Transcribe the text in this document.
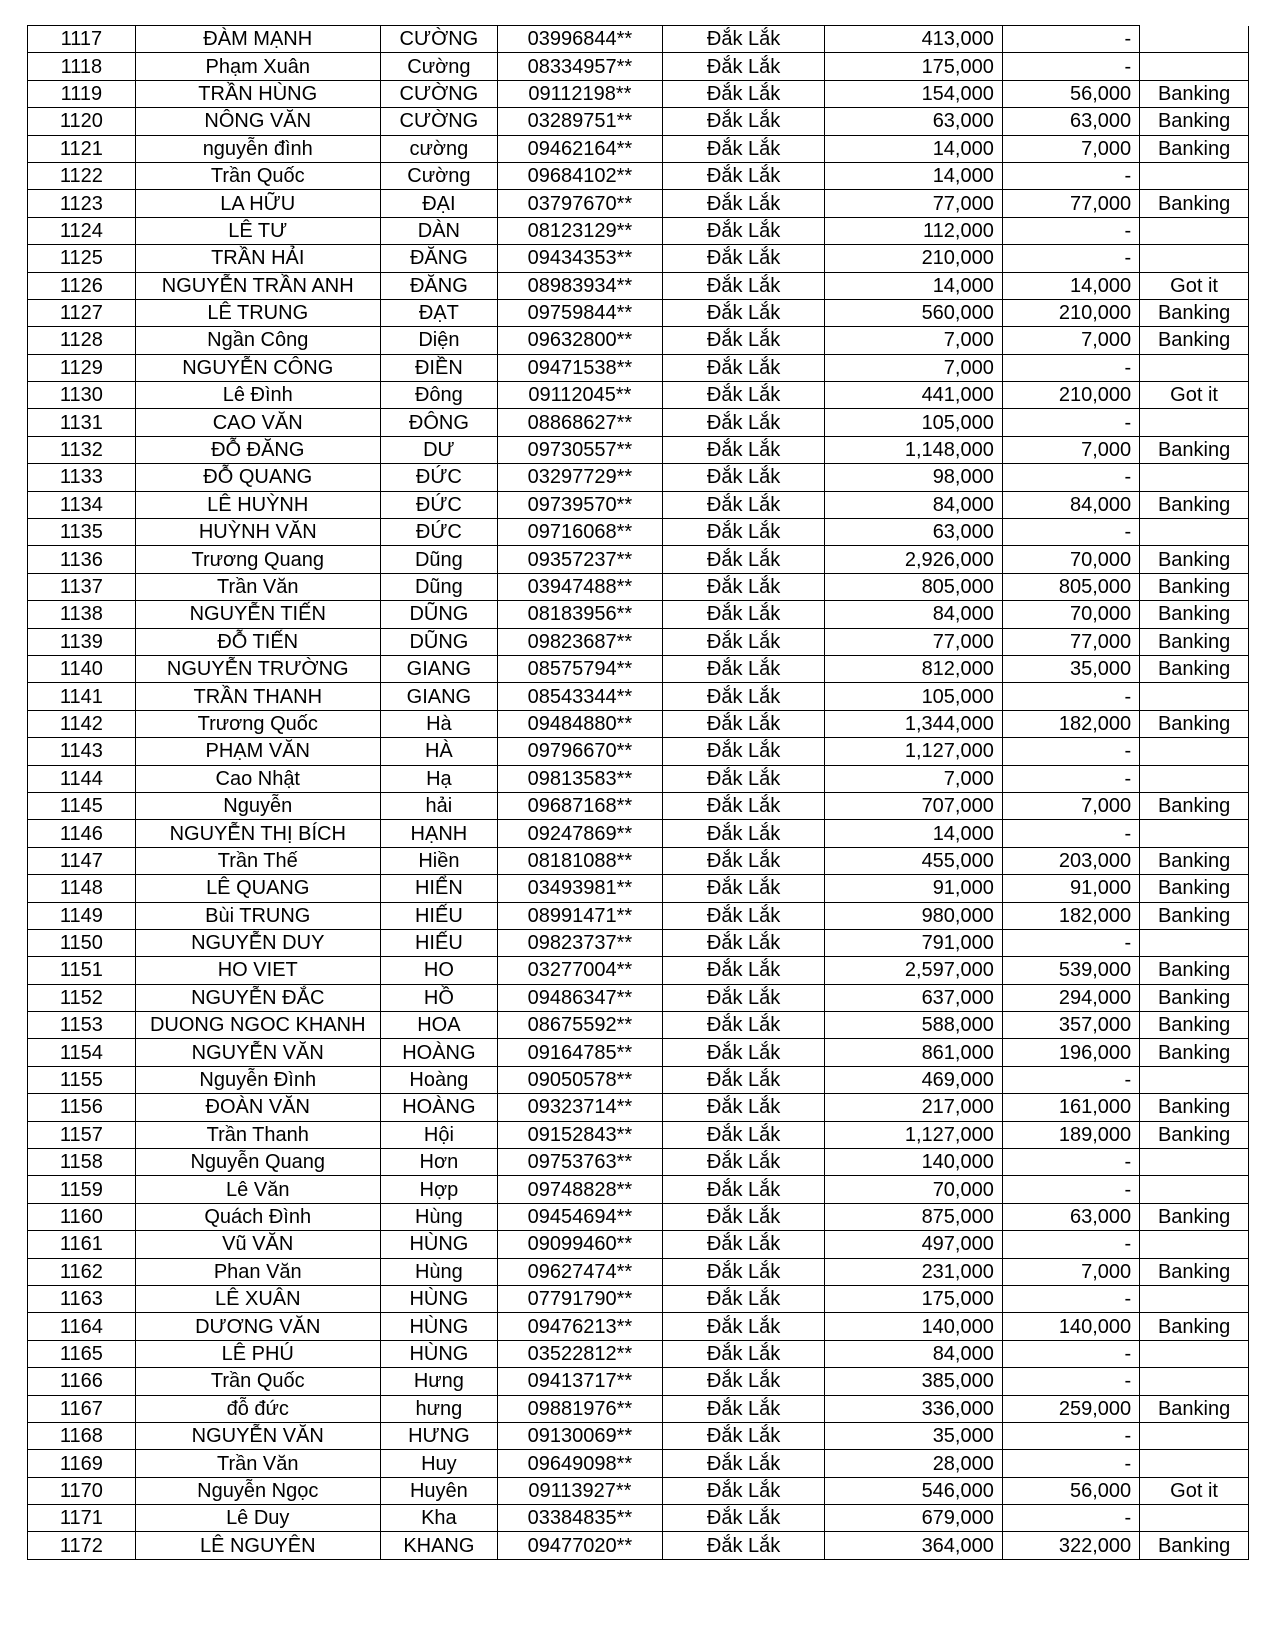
1117	ĐÀM MẠNH	CƯỜNG	03996844**	Đắk Lắk	413,000	-	
1118	Phạm Xuân	Cường	08334957**	Đắk Lắk	175,000	-	
1119	TRẦN HÙNG	CƯỜNG	09112198**	Đắk Lắk	154,000	56,000	Banking
1120	NÔNG VĂN	CƯỜNG	03289751**	Đắk Lắk	63,000	63,000	Banking
1121	nguyễn đình	cường	09462164**	Đắk Lắk	14,000	7,000	Banking
1122	Trần Quốc	Cường	09684102**	Đắk Lắk	14,000	-	
1123	LA HỮU	ĐẠI	03797670**	Đắk Lắk	77,000	77,000	Banking
1124	LÊ TƯ	DÀN	08123129**	Đắk Lắk	112,000	-	
1125	TRẦN HẢI	ĐĂNG	09434353**	Đắk Lắk	210,000	-	
1126	NGUYỄN TRẦN ANH	ĐĂNG	08983934**	Đắk Lắk	14,000	14,000	Got it
1127	LÊ TRUNG	ĐẠT	09759844**	Đắk Lắk	560,000	210,000	Banking
1128	Ngần Công	Diện	09632800**	Đắk Lắk	7,000	7,000	Banking
1129	NGUYỄN CÔNG	ĐIỀN	09471538**	Đắk Lắk	7,000	-	
1130	Lê Đình	Đông	09112045**	Đắk Lắk	441,000	210,000	Got it
1131	CAO VĂN	ĐÔNG	08868627**	Đắk Lắk	105,000	-	
1132	ĐỖ ĐĂNG	DƯ	09730557**	Đắk Lắk	1,148,000	7,000	Banking
1133	ĐỖ QUANG	ĐỨC	03297729**	Đắk Lắk	98,000	-	
1134	LÊ HUỲNH	ĐỨC	09739570**	Đắk Lắk	84,000	84,000	Banking
1135	HUỲNH VĂN	ĐỨC	09716068**	Đắk Lắk	63,000	-	
1136	Trương Quang	Dũng	09357237**	Đắk Lắk	2,926,000	70,000	Banking
1137	Trần Văn	Dũng	03947488**	Đắk Lắk	805,000	805,000	Banking
1138	NGUYỄN TIẾN	DŨNG	08183956**	Đắk Lắk	84,000	70,000	Banking
1139	ĐỖ TIẾN	DŨNG	09823687**	Đắk Lắk	77,000	77,000	Banking
1140	NGUYỄN TRƯỜNG	GIANG	08575794**	Đắk Lắk	812,000	35,000	Banking
1141	TRẦN THANH	GIANG	08543344**	Đắk Lắk	105,000	-	
1142	Trương Quốc	Hà	09484880**	Đắk Lắk	1,344,000	182,000	Banking
1143	PHẠM VĂN	HÀ	09796670**	Đắk Lắk	1,127,000	-	
1144	Cao Nhật	Hạ	09813583**	Đắk Lắk	7,000	-	
1145	Nguyễn	hải	09687168**	Đắk Lắk	707,000	7,000	Banking
1146	NGUYỄN THỊ BÍCH	HẠNH	09247869**	Đắk Lắk	14,000	-	
1147	Trần Thế	Hiền	08181088**	Đắk Lắk	455,000	203,000	Banking
1148	LÊ QUANG	HIỂN	03493981**	Đắk Lắk	91,000	91,000	Banking
1149	Bùi TRUNG	HIẾU	08991471**	Đắk Lắk	980,000	182,000	Banking
1150	NGUYỄN DUY	HIẾU	09823737**	Đắk Lắk	791,000	-	
1151	HO VIET	HO	03277004**	Đắk Lắk	2,597,000	539,000	Banking
1152	NGUYỄN ĐẮC	HỒ	09486347**	Đắk Lắk	637,000	294,000	Banking
1153	DUONG NGOC KHANH	HOA	08675592**	Đắk Lắk	588,000	357,000	Banking
1154	NGUYỄN VĂN	HOÀNG	09164785**	Đắk Lắk	861,000	196,000	Banking
1155	Nguyễn Đình	Hoàng	09050578**	Đắk Lắk	469,000	-	
1156	ĐOÀN VĂN	HOÀNG	09323714**	Đắk Lắk	217,000	161,000	Banking
1157	Trần Thanh	Hội	09152843**	Đắk Lắk	1,127,000	189,000	Banking
1158	Nguyễn Quang	Hơn	09753763**	Đắk Lắk	140,000	-	
1159	Lê Văn	Hợp	09748828**	Đắk Lắk	70,000	-	
1160	Quách Đình	Hùng	09454694**	Đắk Lắk	875,000	63,000	Banking
1161	Vũ VĂN	HÙNG	09099460**	Đắk Lắk	497,000	-	
1162	Phan Văn	Hùng	09627474**	Đắk Lắk	231,000	7,000	Banking
1163	LÊ XUÂN	HÙNG	07791790**	Đắk Lắk	175,000	-	
1164	DƯƠNG VĂN	HÙNG	09476213**	Đắk Lắk	140,000	140,000	Banking
1165	LÊ PHÚ	HÙNG	03522812**	Đắk Lắk	84,000	-	
1166	Trần Quốc	Hưng	09413717**	Đắk Lắk	385,000	-	
1167	đỗ đức	hưng	09881976**	Đắk Lắk	336,000	259,000	Banking
1168	NGUYỄN VĂN	HƯNG	09130069**	Đắk Lắk	35,000	-	
1169	Trần Văn	Huy	09649098**	Đắk Lắk	28,000	-	
1170	Nguyễn Ngọc	Huyên	09113927**	Đắk Lắk	546,000	56,000	Got it
1171	Lê Duy	Kha	03384835**	Đắk Lắk	679,000	-	
1172	LÊ NGUYÊN	KHANG	09477020**	Đắk Lắk	364,000	322,000	Banking
